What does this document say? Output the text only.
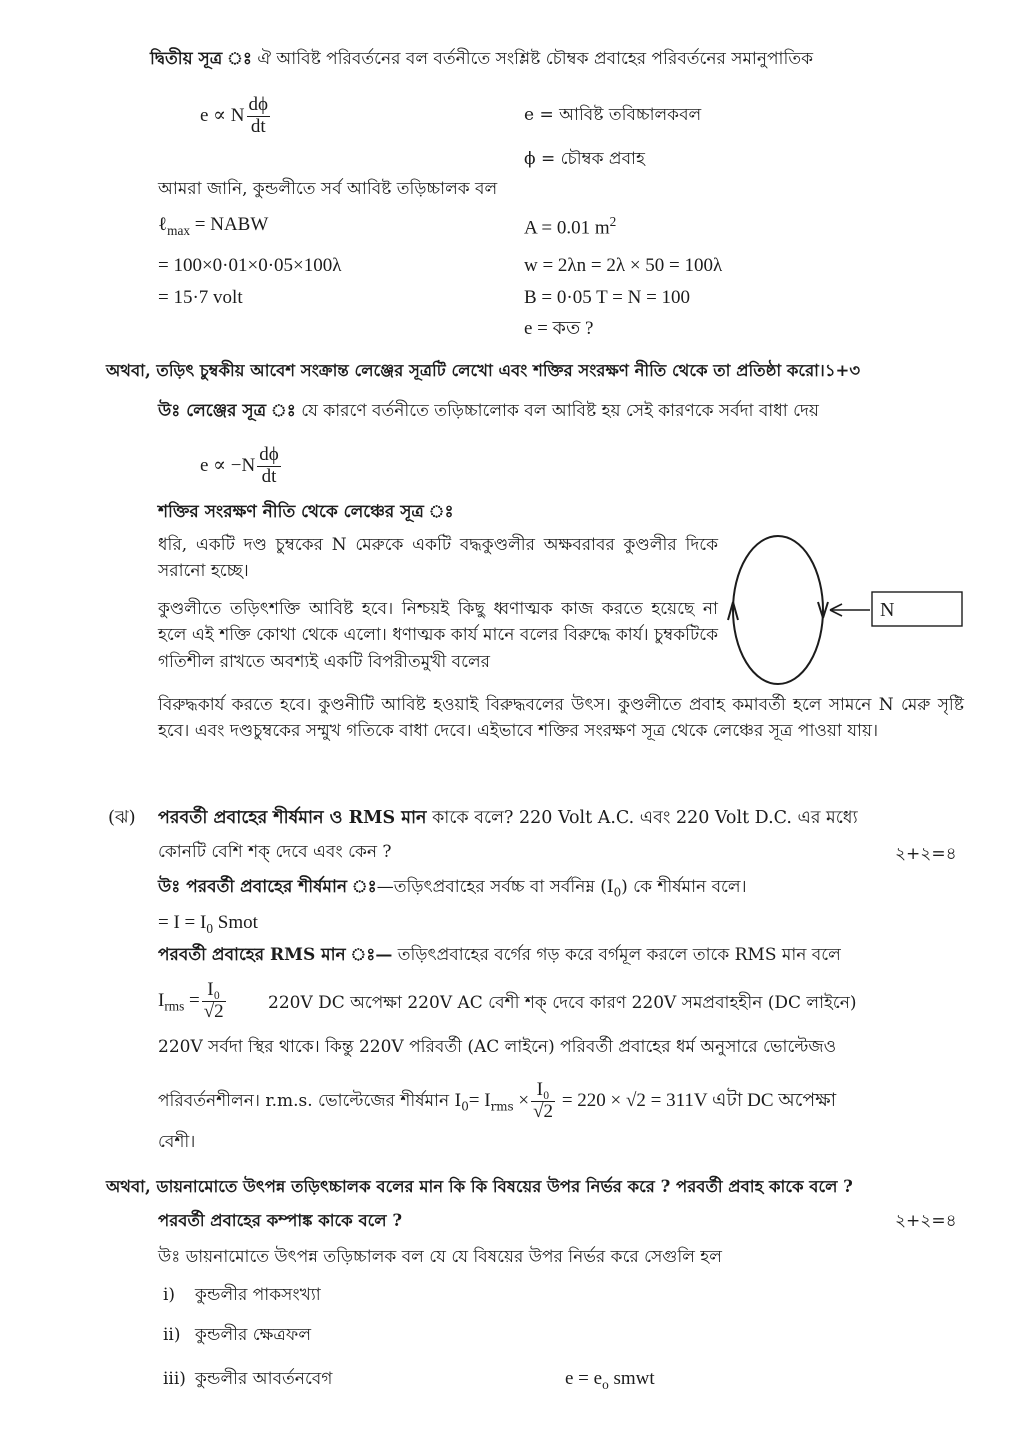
দ্বিতীয় সূত্র ঃ ঐ আবিষ্ট পরিবর্তনের বল বর্তনীতে সংশ্লিষ্ট চৌম্বক প্রবাহের পরিবর্তনের সমানুপাতিক
e ∝ N $\frac{d\phi}{dt}$	e = আবিষ্ট তবিচ্চালকবল
ϕ = চৌম্বক প্রবাহ
আমরা জানি, কুন্ডলীতে সর্ব আবিষ্ট তড়িচ্চালক বল
ℓ$_{max}$ = NABW	A = 0.01 $m^2$
= 100×0·01×0·05×100λ	w = 2λn = 2λ × 50 = 100λ
= 15·7 volt	B = 0·05 T = N = 100
e = কত ?
অথবা, তড়িৎ চুম্বকীয় আবেশ সংক্রান্ত লেঞ্জের সূত্রটি লেখো এবং শক্তির সংরক্ষণ নীতি থেকে তা প্রতিষ্ঠা করো।১+৩
উঃ লেঞ্জের সূত্র ঃ যে কারণে বর্তনীতে তড়িচ্চালোক বল আবিষ্ট হয় সেই কারণকে সর্বদা বাধা দেয়
$e \propto -N \frac{d\phi}{dt}$
শক্তির সংরক্ষণ নীতি থেকে লেঞ্চের সূত্র ঃ
ধরি, একটি দণ্ড চুম্বকের N মেরুকে একটি বদ্ধকুণ্ডলীর অক্ষবরাবর কুণ্ডলীর দিকে সরানো হচ্ছে।
কুণ্ডলীতে তড়িৎশক্তি আবিষ্ট হবে। নিশ্চয়ই কিছু ধ্বণাত্মক কাজ করতে হয়েছে না হলে এই শক্তি কোথা থেকে এলো। ধণাত্মক কার্য মানে বলের বিরুদ্ধে কার্য। চুম্বকটিকে গতিশীল রাখতে অবশ্যই একটি বিপরীতমুখী বলের
N
বিরুদ্ধকার্য করতে হবে। কুণ্ডনীটি আবিষ্ট হওয়াই বিরুদ্ধবলের উৎস। কুণ্ডলীতে প্রবাহ কমাবর্তী হলে সামনে N মেরু সৃষ্টি হবে। এবং দণ্ডচুম্বকের সম্মুখ গতিকে বাধা দেবে। এইভাবে শক্তির সংরক্ষণ সূত্র থেকে লেঞ্চের সূত্র পাওয়া যায়।
(ঝ) পরবর্তী প্রবাহের শীর্ষমান ও RMS মান কাকে বলে? 220 Volt A.C. এবং 220 Volt D.C. এর মধ্যে
কোনটি বেশি শক্ দেবে এবং কেন ?	২+২=৪
উঃ পরবর্তী প্রবাহের শীর্ষমান ঃ—তড়িৎপ্রবাহের সর্বচ্চ বা সর্বনিম্ন $(I_0)$ কে শীর্ষমান বলে।
= $I = I_0$ Smot
পরবর্তী প্রবাহের RMS মান ঃ— তড়িৎপ্রবাহের বর্গের গড় করে বর্গমূল করলে তাকে RMS মান বলে
$I_{rms} = \frac{\text{I₀}}{√2} 220V$ DC অপেক্ষা 220V AC বেশী শক্ দেবে কারণ 220V সমপ্রবাহহীন (DC লাইনে)
220V সর্বদা স্থির থাকে। কিন্তু 220V পরিবর্তী (AC লাইনে) পরিবর্তী প্রবাহের ধর্ম অনুসারে ভোল্টেজও
পরিবর্তনশীলন। r.m.s. ভোল্টেজের শীর্ষমান $I_0= I_{rms} \times \frac{\text{I₀}}{√2} = 220 \times √2 = 311V$ এটা DC অপেক্ষা
বেশী।
অথবা, ডায়নামোতে উৎপন্ন তড়িৎচ্চালক বলের মান কি কি বিষয়ের উপর নির্ভর করে ? পরবর্তী প্রবাহ কাকে বলে ?
পরবর্তী প্রবাহের কম্পাঙ্ক কাকে বলে ?	২+২=৪
উঃ ডায়নামোতে উৎপন্ন তড়িচ্চালক বল যে যে বিষয়ের উপর নির্ভর করে সেগুলি হল
i) কুন্ডলীর পাকসংখ্যা
ii) কুন্ডলীর ক্ষেত্রফল
iii) কুন্ডলীর আবর্তনবেগ	$e = e_o$ smwt
